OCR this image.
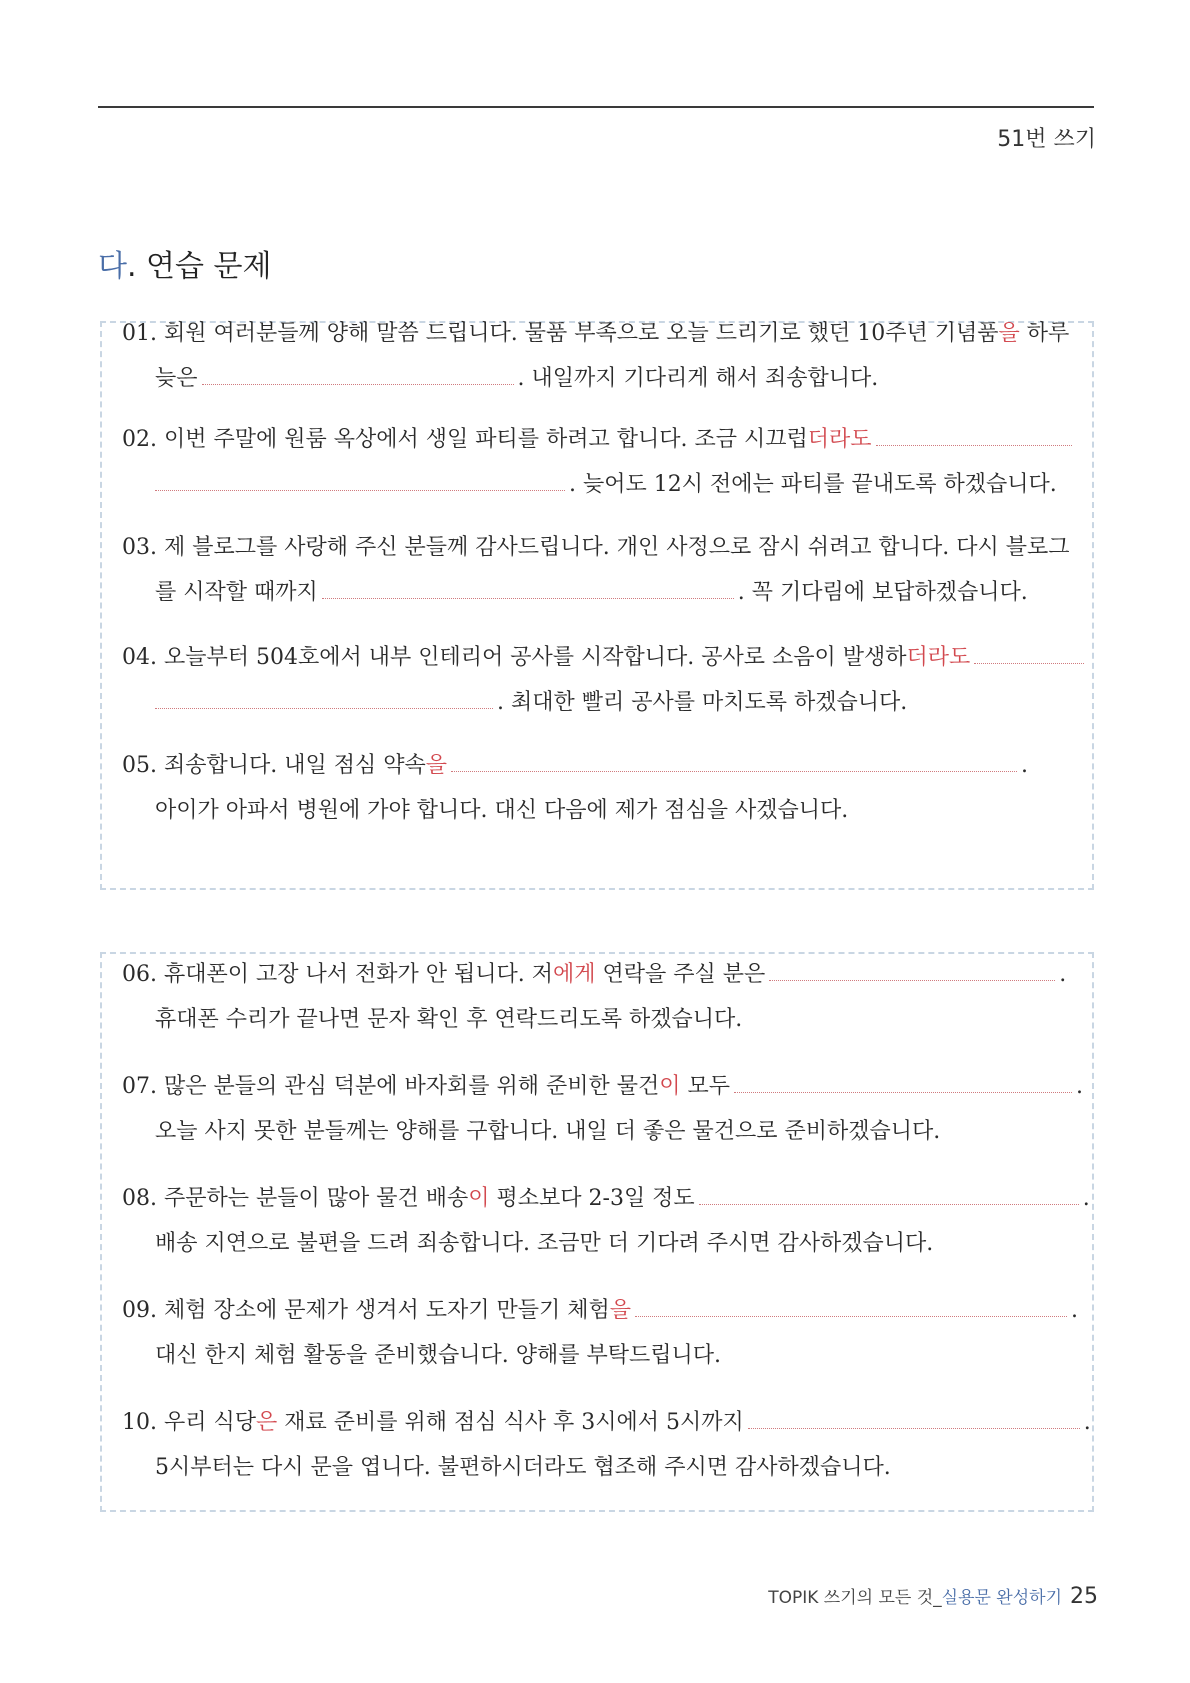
51번 쓰기
다. 연습 문제
01. 회원 여러분들께 양해 말씀 드립니다. 물품 부족으로 오늘 드리기로 했던 10주년 기념품을 하루
늦은	. 내일까지 기다리게 해서 죄송합니다.
02. 이번 주말에 원룸 옥상에서 생일 파티를 하려고 합니다. 조금 시끄럽더라도
. 늦어도 12시 전에는 파티를 끝내도록 하겠습니다.
03. 제 블로그를 사랑해 주신 분들께 감사드립니다. 개인 사정으로 잠시 쉬려고 합니다. 다시 블로그
를 시작할 때까지	. 꼭 기다림에 보답하겠습니다.
04. 오늘부터 504호에서 내부 인테리어 공사를 시작합니다. 공사로 소음이 발생하더라도
. 최대한 빨리 공사를 마치도록 하겠습니다.
05. 죄송합니다. 내일 점심 약속을	.
아이가 아파서 병원에 가야 합니다. 대신 다음에 제가 점심을 사겠습니다.
06. 휴대폰이 고장 나서 전화가 안 됩니다. 저에게 연락을 주실 분은	.
휴대폰 수리가 끝나면 문자 확인 후 연락드리도록 하겠습니다.
07. 많은 분들의 관심 덕분에 바자회를 위해 준비한 물건이 모두	.
오늘 사지 못한 분들께는 양해를 구합니다. 내일 더 좋은 물건으로 준비하겠습니다.
08. 주문하는 분들이 많아 물건 배송이 평소보다 2-3일 정도	.
배송 지연으로 불편을 드려 죄송합니다. 조금만 더 기다려 주시면 감사하겠습니다.
09. 체험 장소에 문제가 생겨서 도자기 만들기 체험을	.
대신 한지 체험 활동을 준비했습니다. 양해를 부탁드립니다.
10. 우리 식당은 재료 준비를 위해 점심 식사 후 3시에서 5시까지	.
5시부터는 다시 문을 엽니다. 불편하시더라도 협조해 주시면 감사하겠습니다.
TOPIK 쓰기의 모든 것_실용문 완성하기 25
